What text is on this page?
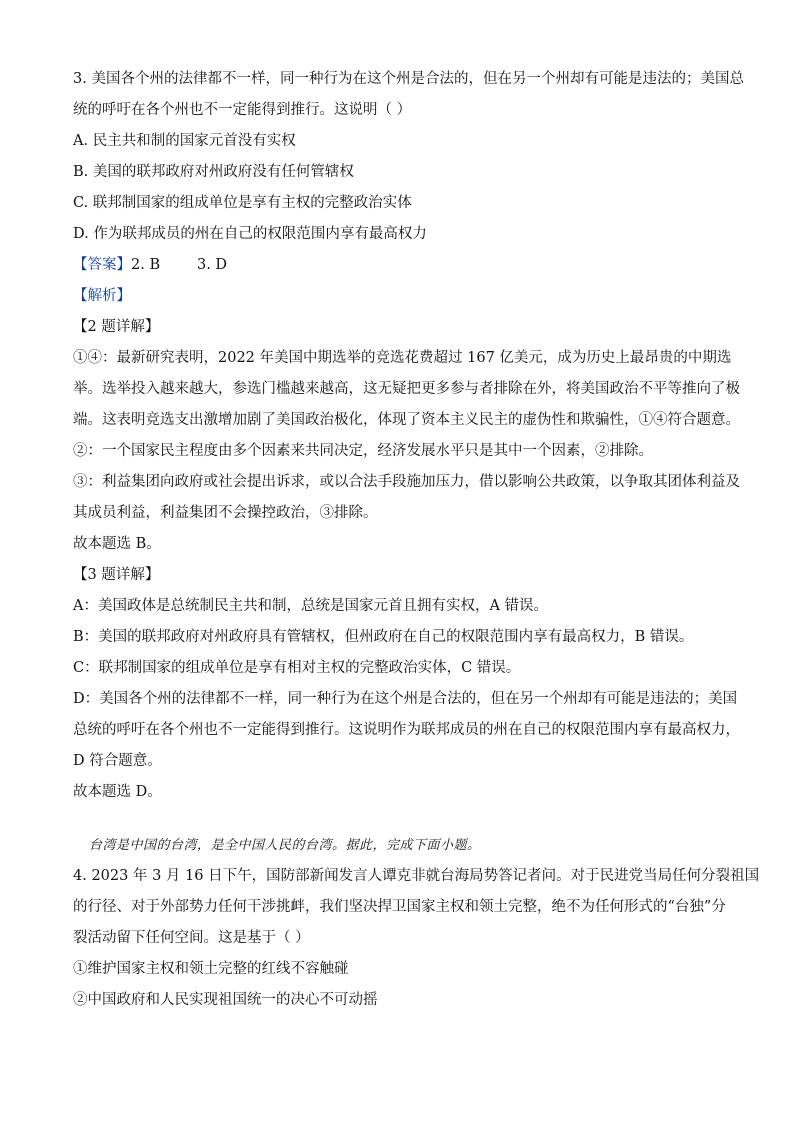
3. 美国各个州的法律都不一样，同一种行为在这个州是合法的，但在另一个州却有可能是违法的；美国总
统的呼吁在各个州也不一定能得到推行。这说明（ ）
A. 民主共和制的国家元首没有实权
B. 美国的联邦政府对州政府没有任何管辖权
C. 联邦制国家的组成单位是享有主权的完整政治实体
D. 作为联邦成员的州在自己的权限范围内享有最高权力
【答案】2. B        3. D
【解析】
【2 题详解】
①④：最新研究表明，2022 年美国中期选举的竞选花费超过 167 亿美元，成为历史上最昂贵的中期选
举。选举投入越来越大，参选门槛越来越高，这无疑把更多参与者排除在外，将美国政治不平等推向了极
端。这表明竞选支出激增加剧了美国政治极化，体现了资本主义民主的虚伪性和欺骗性，①④符合题意。
②：一个国家民主程度由多个因素来共同决定，经济发展水平只是其中一个因素，②排除。
③：利益集团向政府或社会提出诉求，或以合法手段施加压力，借以影响公共政策，以争取其团体利益及
其成员利益，利益集团不会操控政治，③排除。
故本题选 B。
【3 题详解】
A：美国政体是总统制民主共和制，总统是国家元首且拥有实权，A 错误。
B：美国的联邦政府对州政府具有管辖权，但州政府在自己的权限范围内享有最高权力，B 错误。
C：联邦制国家的组成单位是享有相对主权的完整政治实体，C 错误。
D：美国各个州的法律都不一样，同一种行为在这个州是合法的，但在另一个州却有可能是违法的；美国
总统的呼吁在各个州也不一定能得到推行。这说明作为联邦成员的州在自己的权限范围内享有最高权力，
D 符合题意。
故本题选 D。
台湾是中国的台湾，是全中国人民的台湾。据此，完成下面小题。
4. 2023 年 3 月 16 日下午，国防部新闻发言人谭克非就台海局势答记者问。对于民进党当局任何分裂祖国
的行径、对于外部势力任何干涉挑衅，我们坚决捍卫国家主权和领土完整，绝不为任何形式的“台独”分
裂活动留下任何空间。这是基于（ ）
①维护国家主权和领土完整的红线不容触碰
②中国政府和人民实现祖国统一的决心不可动摇
